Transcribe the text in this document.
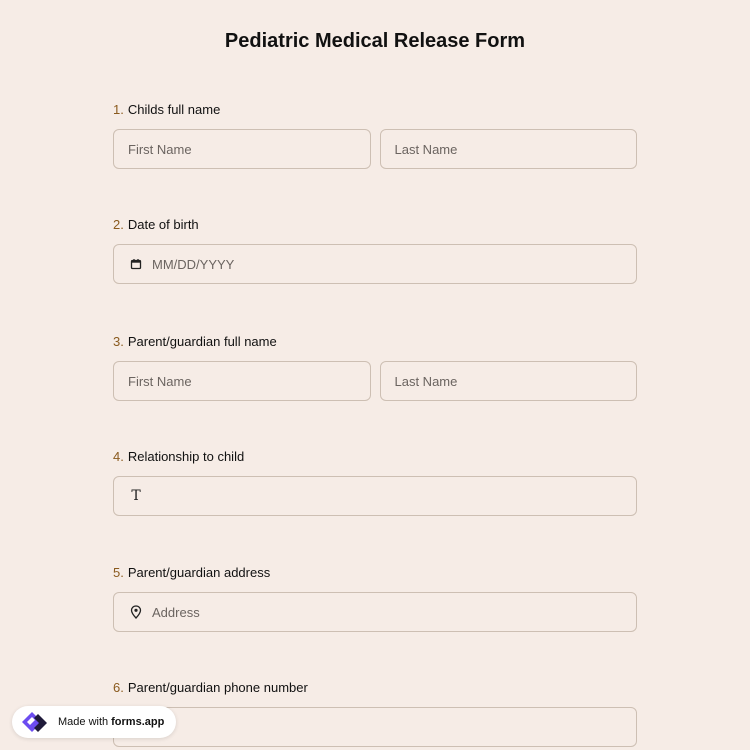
Pediatric Medical Release Form
1. Childs full name
First Name	Last Name
2. Date of birth
MM/DD/YYYY
3. Parent/guardian full name
First Name	Last Name
4. Relationship to child
T
5. Parent/guardian address
Address
6. Parent/guardian phone number
Made with forms.app
